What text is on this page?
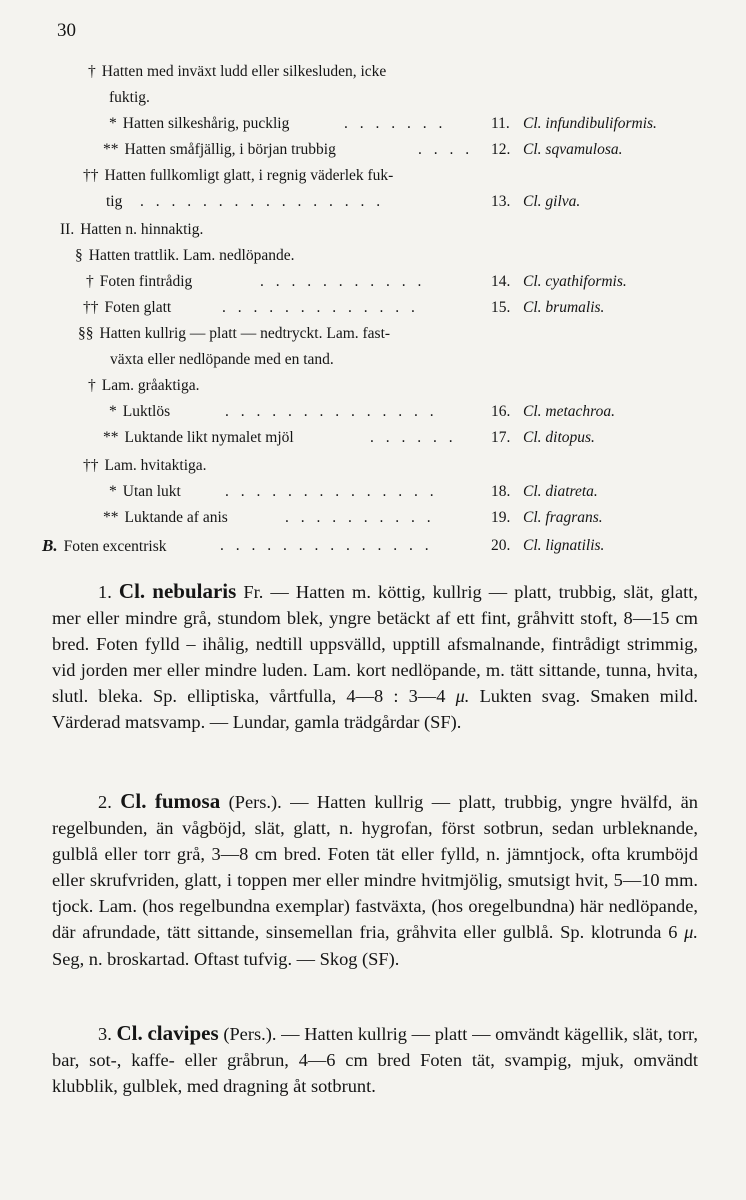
30
† Hatten med inväxt ludd eller silkesluden, icke
fuktig.
* Hatten silkeshårig, pucklig	. . . . . . .	11. Cl. infundibuliformis.
** Hatten småfjällig, i början trubbig	. . . . 12. Cl. sqvamulosa.
†† Hatten fullkomligt glatt, i regnig väderlek fuk-
tig . . . . . . . . . . . . . . . .	13. Cl. gilva.
II. Hatten n. hinnaktig.
§ Hatten trattlik. Lam. nedlöpande.
† Foten fintrådig	. . . . . . . . . . .	14. Cl. cyathiformis.
†† Foten glatt	. . . . . . . . . . . . .	15. Cl. brumalis.
§§ Hatten kullrig — platt — nedtryckt. Lam. fast-
växta eller nedlöpande med en tand.
† Lam. gråaktiga.
* Luktlös	. . . . . . . . . . . . . .	16. Cl. metachroa.
** Luktande likt nymalet mjöl	. . . . . . 17. Cl. ditopus.
†† Lam. hvitaktiga.
* Utan lukt	. . . . . . . . . . . . . .	18. Cl. diatreta.
** Luktande af anis	. . . . . . . . . .	19. Cl. fragrans.
B. Foten excentrisk	. . . . . . . . . . . . . .	20. Cl. lignatilis.
1. Cl. nebularis Fr. — Hatten m. köttig, kullrig — platt, trubbig, slät, glatt, mer eller mindre grå, stundom blek, yngre betäckt af ett fint, gråhvitt stoft, 8—15 cm bred. Foten fylld – ihålig, nedtill uppsvälld, upptill afsmalnande, fintrådigt strimmig, vid jorden mer eller mindre luden. Lam. kort nedlöpande, m. tätt sittande, tunna, hvita, slutl. bleka. Sp. elliptiska, vårtfulla, 4—8 : 3—4 μ. Lukten svag. Smaken mild. Värderad matsvamp. — Lundar, gamla trädgårdar (SF).
2. Cl. fumosa (Pers.). — Hatten kullrig — platt, trubbig, yngre hvälfd, än regelbunden, än vågböjd, slät, glatt, n. hygrofan, först sotbrun, sedan urbleknande, gulblå eller torr grå, 3—8 cm bred. Foten tät eller fylld, n. jämntjock, ofta krumböjd eller skrufvriden, glatt, i toppen mer eller mindre hvitmjölig, smutsigt hvit, 5—10 mm. tjock. Lam. (hos regelbundna exemplar) fastväxta, (hos oregelbundna) här nedlöpande, där afrundade, tätt sittande, sinsemellan fria, gråhvita eller gulblå. Sp. klotrunda 6 μ. Seg, n. broskartad. Oftast tufvig. — Skog (SF).
3. Cl. clavipes (Pers.). — Hatten kullrig — platt — omvändt kägellik, slät, torr, bar, sot-, kaffe- eller gråbrun, 4—6 cm bred Foten tät, svampig, mjuk, omvändt klubblik, gulblek, med dragning åt sotbrunt.
